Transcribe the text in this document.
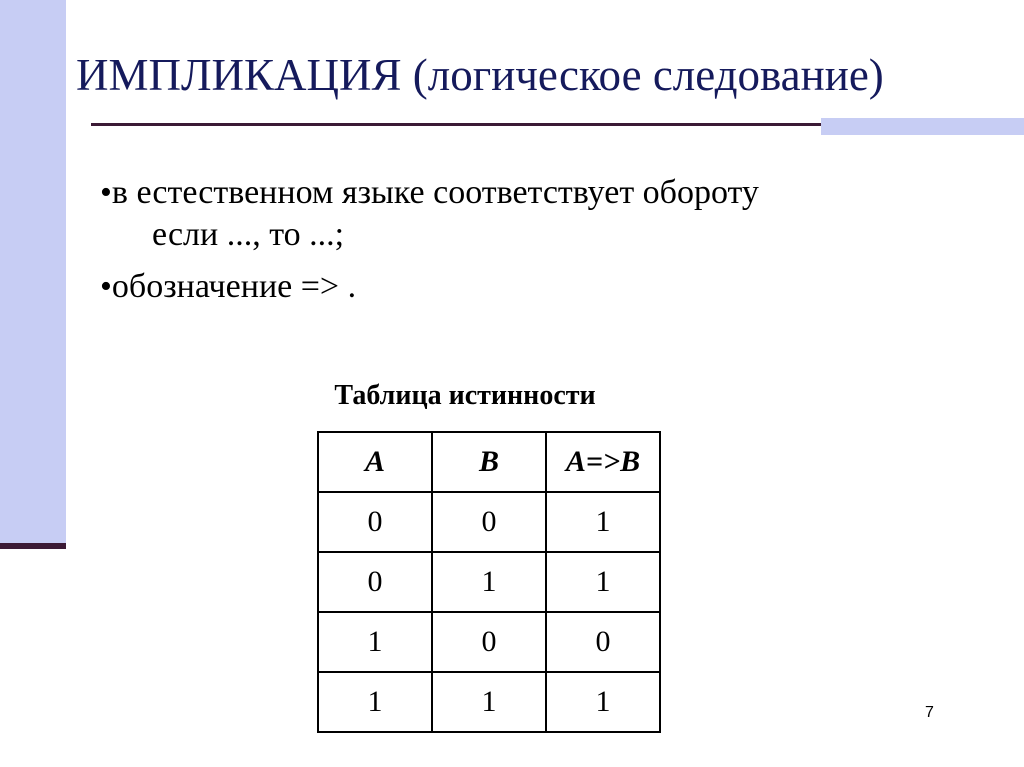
ИМПЛИКАЦИЯ (логическое следование)
•в естественном языке соответствует обороту
если ..., то ...;
•обозначение => .
Таблица истинности
A	B	A=>B
0	0	1
0	1	1
1	0	0
1	1	1	7
